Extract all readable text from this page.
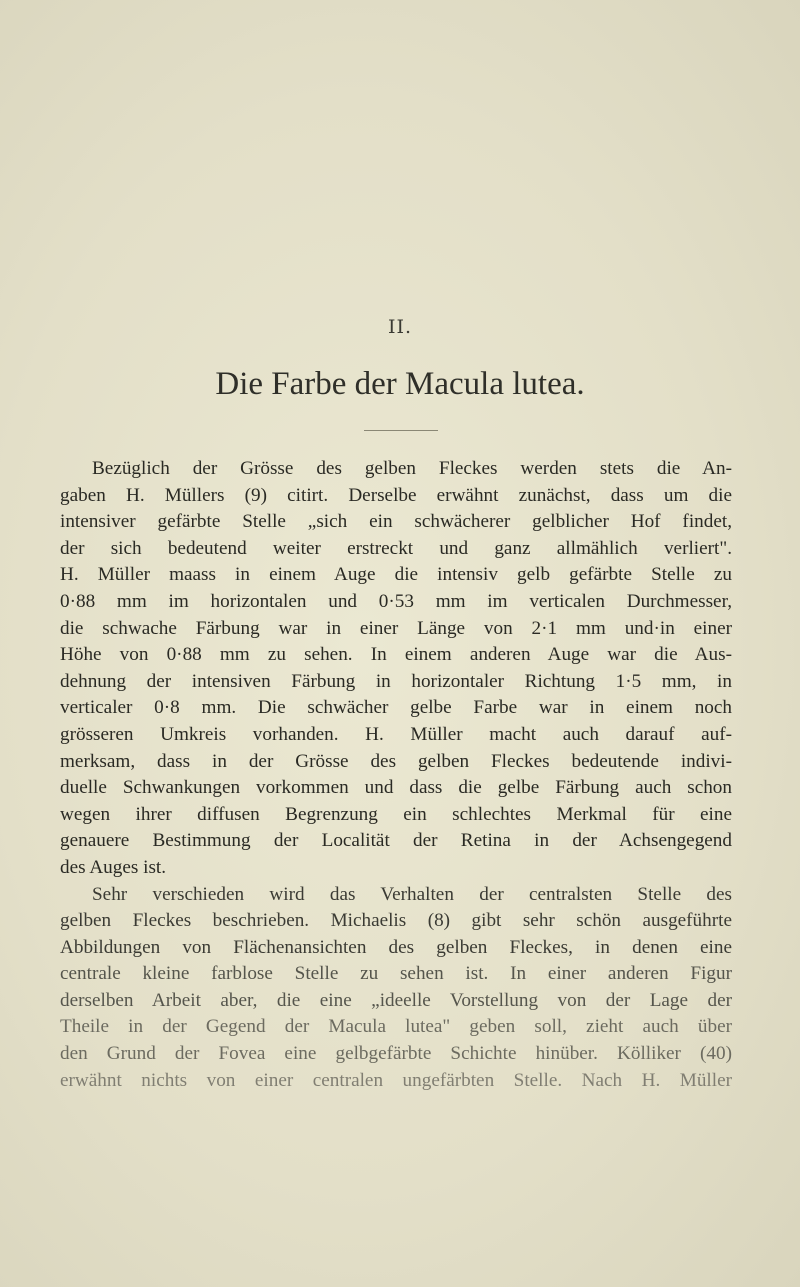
II.
Die Farbe der Macula lutea.
Bezüglich der Grösse des gelben Fleckes werden stets die An-
gaben H. Müllers (9) citirt. Derselbe erwähnt zunächst, dass um die
intensiver gefärbte Stelle „sich ein schwächerer gelblicher Hof findet,
der sich bedeutend weiter erstreckt und ganz allmählich verliert".
H. Müller maass in einem Auge die intensiv gelb gefärbte Stelle zu
0·88 mm im horizontalen und 0·53 mm im verticalen Durchmesser,
die schwache Färbung war in einer Länge von 2·1 mm und·in einer
Höhe von 0·88 mm zu sehen. In einem anderen Auge war die Aus-
dehnung der intensiven Färbung in horizontaler Richtung 1·5 mm, in
verticaler 0·8 mm. Die schwächer gelbe Farbe war in einem noch
grösseren Umkreis vorhanden. H. Müller macht auch darauf auf-
merksam, dass in der Grösse des gelben Fleckes bedeutende indivi-
duelle Schwankungen vorkommen und dass die gelbe Färbung auch schon
wegen ihrer diffusen Begrenzung ein schlechtes Merkmal für eine
genauere Bestimmung der Localität der Retina in der Achsengegend
des Auges ist.
Sehr verschieden wird das Verhalten der centralsten Stelle des
gelben Fleckes beschrieben. Michaelis (8) gibt sehr schön ausgeführte
Abbildungen von Flächenansichten des gelben Fleckes, in denen eine
centrale kleine farblose Stelle zu sehen ist. In einer anderen Figur
derselben Arbeit aber, die eine „ideelle Vorstellung von der Lage der
Theile in der Gegend der Macula lutea" geben soll, zieht auch über
den Grund der Fovea eine gelbgefärbte Schichte hinüber. Kölliker (40)
erwähnt nichts von einer centralen ungefärbten Stelle. Nach H. Müller
